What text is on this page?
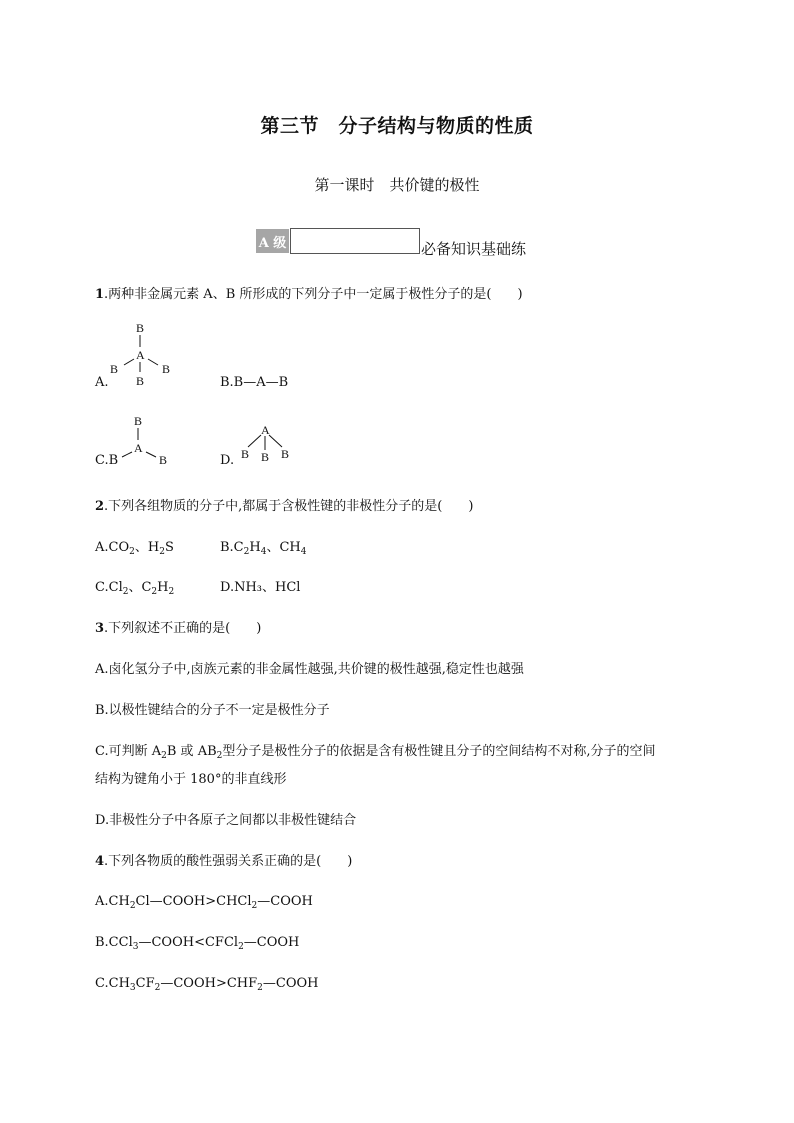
第三节　分子结构与物质的性质
第一课时　共价键的极性
A 级	必备知识基础练
1.两种非金属元素 A、B 所形成的下列分子中一定属于极性分子的是(　　)
A.
B
A
B	B
B	B.B—A—B
C.B
B
A
B	D.
A
B B B
2.下列各组物质的分子中,都属于含极性键的非极性分子的是(　　)
$A.CO_2$、$H_2S$	$B.C_2H_4$、$CH_4$
$C.Cl_2$、$C_2H_2$	D.NH₃、HCl
3.下列叙述不正确的是(　　)
A.卤化氢分子中,卤族元素的非金属性越强,共价键的极性越强,稳定性也越强
B.以极性键结合的分子不一定是极性分子
C.可判断 $A_2B$ 或 $AB_2$型分子是极性分子的依据是含有极性键且分子的空间结构不对称,分子的空间
结构为键角小于 180°的非直线形
D.非极性分子中各原子之间都以非极性键结合
4.下列各物质的酸性强弱关系正确的是(　　)
$A.CH_2Cl—COOH>CHCl_2—COOH$
B.CCl$_3$—COOH<CFCl$_2$—COOH
$C.CH_3CF_2—COOH>CHF_2—COOH$
